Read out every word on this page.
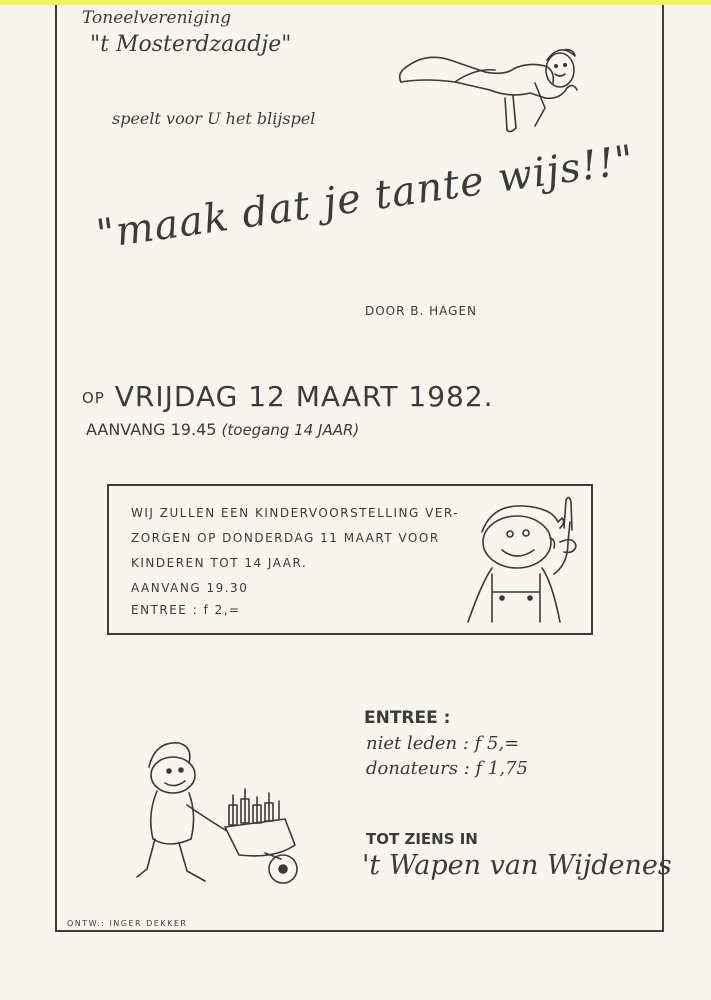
Toneelvereniging
"t Mosterdzaadje"
speelt voor U het blijspel
"maak dat je tante wijs!!"
DOOR B. HAGEN
OP VRIJDAG 12 MAART 1982.
AANVANG 19.45 (toegang 14 JAAR)
WIJ ZULLEN EEN KINDERVOORSTELLING VER-
ZORGEN OP DONDERDAG 11 MAART VOOR
KINDEREN TOT 14 JAAR.
AANVANG 19.30
ENTREE : f 2,=
ENTREE :
niet leden : f 5,=
donateurs : f 1,75
TOT ZIENS IN
't Wapen van Wijdenes
ONTW.: INGER DEKKER
